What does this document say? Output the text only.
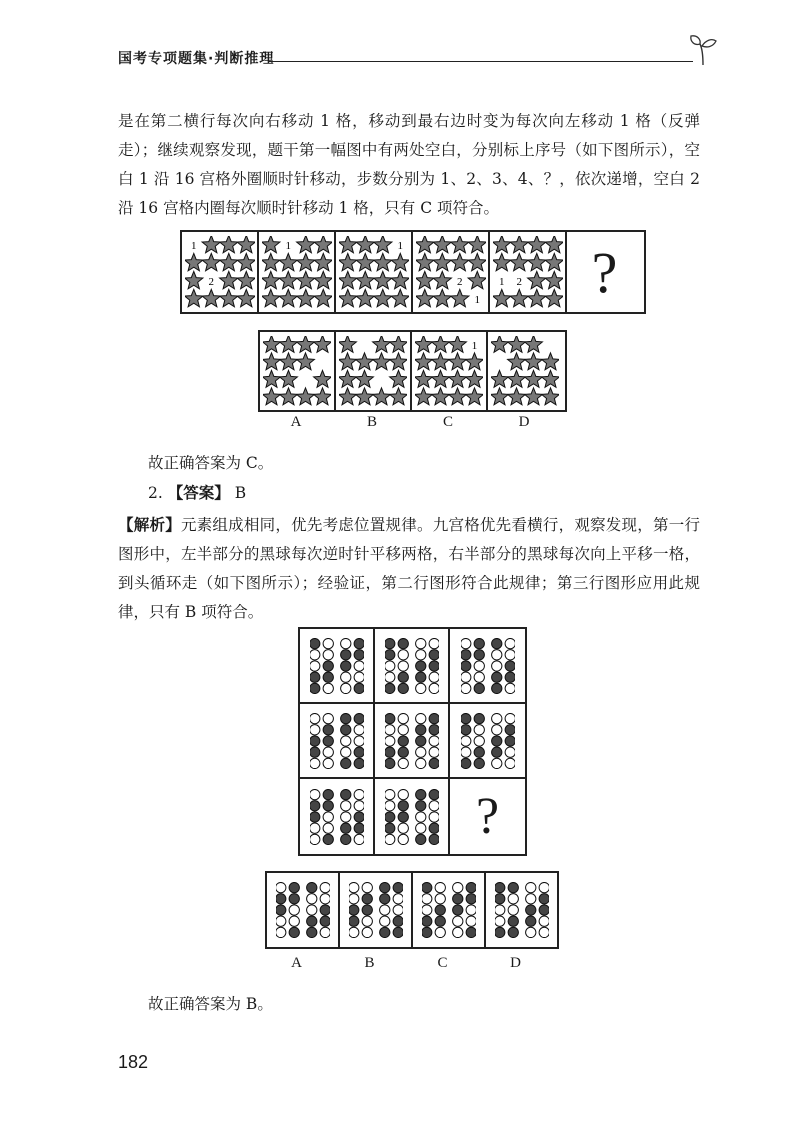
国考专项题集·判断推理
是在第二横行每次向右移动 1 格，移动到最右边时变为每次向左移动 1 格（反弹走）；继续观察发现，题干第一幅图中有两处空白，分别标上序号（如下图所示），空白 1 沿 16 宫格外圈顺时针移动，步数分别为 1、2、3、4、？，依次递增，空白 2 沿 16 宫格内圈每次顺时针移动 1 格，只有 C 项符合。
1
2
1	1
2
1
1 2 ?
1
A	B	C	D
故正确答案为 C。
2. 【答案】 B
【解析】元素组成相同，优先考虑位置规律。九宫格优先看横行，观察发现，第一行图形中，左半部分的黑球每次逆时针平移两格，右半部分的黑球每次向上平移一格，到头循环走（如下图所示）；经验证，第二行图形符合此规律；第三行图形应用此规律，只有 B 项符合。
?
A	B	C	D
故正确答案为 B。
182
